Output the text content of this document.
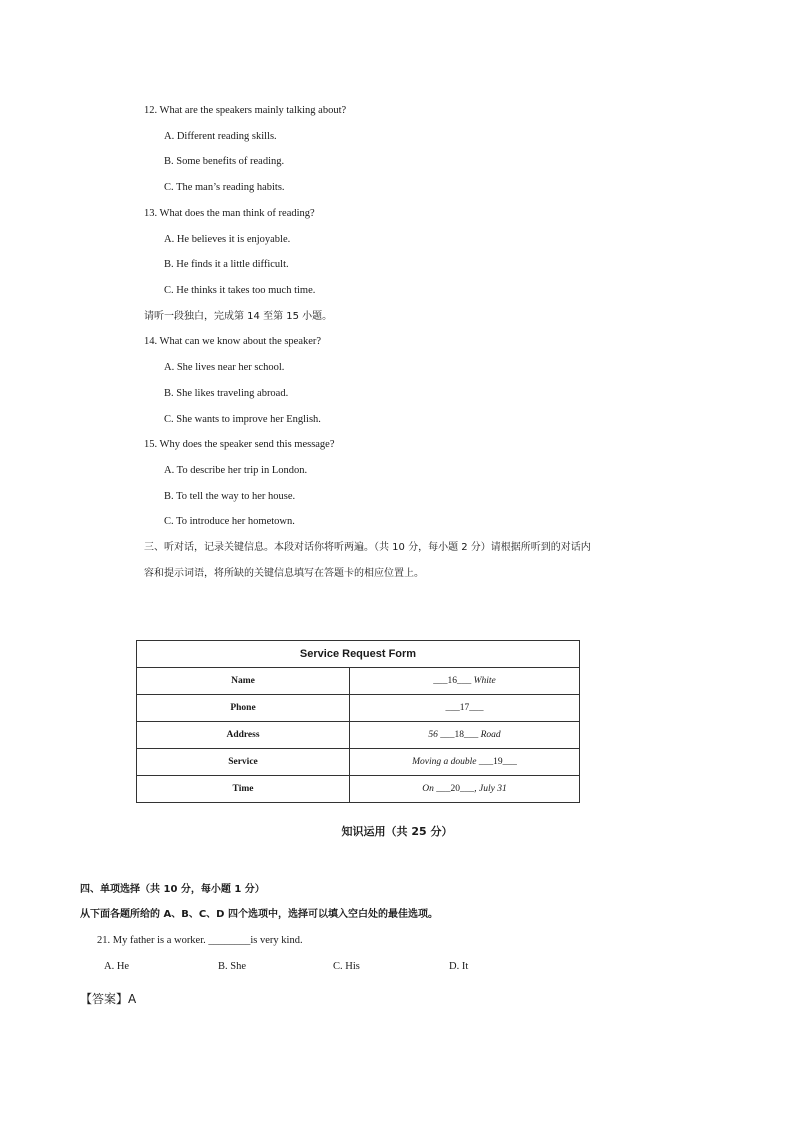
12. What are the speakers mainly talking about?
A. Different reading skills.
B. Some benefits of reading.
C. The man’s reading habits.
13. What does the man think of reading?
A. He believes it is enjoyable.
B. He finds it a little difficult.
C. He thinks it takes too much time.
请听一段独白，完成第 14 至第 15 小题。
14. What can we know about the speaker?
A. She lives near her school.
B. She likes traveling abroad.
C. She wants to improve her English.
15. Why does the speaker send this message?
A. To describe her trip in London.
B. To tell the way to her house.
C. To introduce her hometown.
三、听对话，记录关键信息。本段对话你将听两遍。（共 10 分，每小题 2 分）请根据所听到的对话内
容和提示词语，将所缺的关键信息填写在答题卡的相应位置上。
Service Request Form	
Name	___16___ White
Phone	___17___
Address	56 ___18___ Road
Service	Moving a double ___19___
Time	On ___20___, July 31
知识运用（共 25 分）
四、单项选择（共 10 分，每小题 1 分）
从下面各题所给的 A、B、C、D 四个选项中，选择可以填入空白处的最佳选项。
21. My father is a worker. ________is very kind.
A. He	B. She	C. His	D. It
【答案】A
